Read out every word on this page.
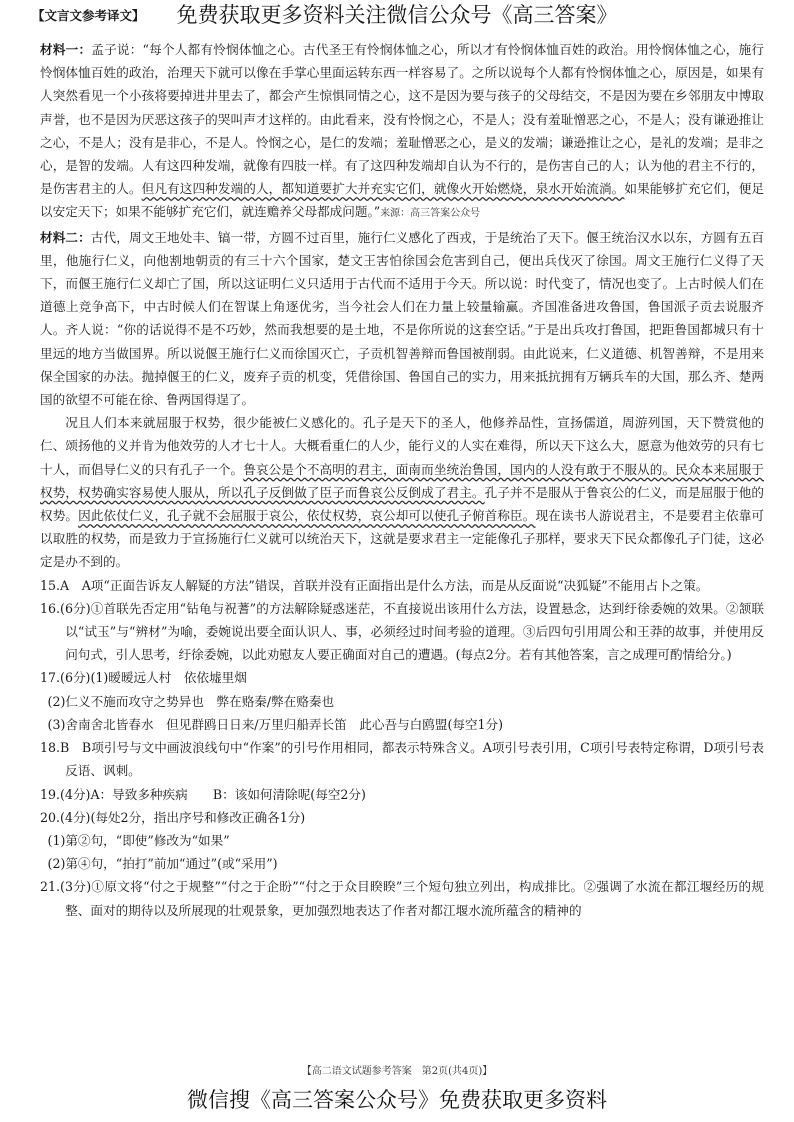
免费获取更多资料关注微信公众号《高三答案》
【文言文参考译文】

材料一：孟子说：“每个人都有怜悯体恤之心。古代圣王有怜悯体恤之心，所以才有怜悯体恤百姓的政治。用怜悯体恤之心，施行怜悯体恤百姓的政治，治理天下就可以像在手掌心里面运转东西一样容易了。之所以说每个人都有怜悯体恤之心，原因是，如果有人突然看见一个小孩将要掉进井里去了，都会产生惊惧同情之心，这不是因为要与孩子的父母结交，不是因为要在乡邻朋友中博取声誉，也不是因为厌恶这孩子的哭叫声才这样的。由此看来，没有怜悯之心，不是人；没有羞耻憎恶之心，不是人；没有谦逊推让之心，不是人；没有是非心，不是人。怜悯之心，是仁的发端；羞耻憎恶之心，是义的发端；谦逊推让之心，是礼的发端；是非之心，是智的发端。人有这四种发端，就像有四肢一样。有了这四种发端却自认为不行的，是伤害自己的人；认为他的君主不行的，是伤害君主的人。但凡有这四种发端的人，都知道要扩大并充实它们，就像火开始燃烧，泉水开始流淌。如果能够扩充它们，便足以安定天下；如果不能够扩充它们，就连赡养父母都成问题。”来源：高三答案公众号

材料二：古代，周文王地处丰、镐一带，方圆不过百里，施行仁义感化了西戎，于是统治了天下。偃王统治汉水以东，方圆有五百里，他施行仁义，向他割地朝贡的有三十六个国家，楚文王害怕徐国会危害到自己，便出兵伐灭了徐国。周文王施行仁义得了天下，而偃王施行仁义却亡了国，所以这证明仁义只适用于古代而不适用于今天。所以说：时代变了，情况也变了。上古时候人们在道德上竞争高下，中古时候人们在智谋上角逐优劣，当今社会人们在力量上较量输赢。齐国准备进攻鲁国，鲁国派子贡去说服齐人。齐人说：“你的话说得不是不巧妙，然而我想要的是土地，不是你所说的这套空话。”于是出兵攻打鲁国，把距鲁国都城只有十里远的地方当做国界。所以说偃王施行仁义而徐国灭亡，子贡机智善辩而鲁国被削弱。由此说来，仁义道德、机智善辩，不是用来保全国家的办法。抛掉偃王的仁义，废弃子贡的机变，凭借徐国、鲁国自己的实力，用来抵抗拥有万辆兵车的大国，那么齐、楚两国的欲望不可能在徐、鲁两国得逞了。

况且人们本来就屈服于权势，很少能被仁义感化的。孔子是天下的圣人，他修养品性，宣扬儒道，周游列国，天下赞赏他的仁、颂扬他的义并肯为他效劳的人才七十人。大概看重仁的人少，能行义的人实在难得，所以天下这么大，愿意为他效劳的只有七十人，而倡导仁义的只有孔子一个。鲁哀公是个不高明的君主，面南而坐统治鲁国，国内的人没有敢于不服从的。民众本来屈服于权势，权势确实容易使人服从，所以孔子反倒做了臣子而鲁哀公反倒成了君主。孔子并不是服从于鲁哀公的仁义，而是屈服于他的权势。因此依仗仁义，孔子就不会屈服于哀公，依仗权势，哀公却可以使孔子俯首称臣。现在读书人游说君主，不是要君主依靠可以取胜的权势，而是致力于宣扬施行仁义就可以统治天下，这就是要求君主一定能像孔子那样，要求天下民众都像孔子门徒，这必定是办不到的。

15.A　A项“正面告诉友人解疑的方法”错误，首联并没有正面指出是什么方法，而是从反面说“决狐疑”不能用占卜之策。

16.(6分)①首联先否定用“钻龟与祝蓍”的方法解除疑惑迷茫，不直接说出该用什么方法，设置悬念，达到纡徐委婉的效果。②颔联以“试玉”与“辨材”为喻，委婉说出要全面认识人、事，必须经过时间考验的道理。③后四句引用周公和王莽的故事，并使用反问句式，引人思考，纡徐委婉，以此劝慰友人要正确面对自己的遭遇。(每点2分。若有其他答案，言之成理可酌情给分。)

17.(6分)(1)暧暧远人村　依依墟里烟

(2)仁义不施而攻守之势异也　弊在赂秦/弊在赂秦也

(3)舍南舍北皆春水　但见群鸥日日来/万里归船弄长笛　此心吾与白鸥盟(每空1分)

18.B　B项引号与文中画波浪线句中“作案”的引号作用相同，都表示特殊含义。A项引号表引用，C项引号表特定称谓，D项引号表反语、讽刺。

19.(4分)A：导致多种疾病　　B：该如何清除呢(每空2分)

20.(4分)(每处2分，指出序号和修改正确各1分)

(1)第②句，“即使”修改为“如果”

(2)第④句，“拍打”前加“通过”(或“采用”)

21.(3分)①原文将“付之于规整”“付之于企盼”“付之于众目睽睽”三个短句独立列出，构成排比。②强调了水流在都江堰经历的规整、面对的期待以及所展现的壮观景象，更加强烈地表达了作者对都江堰水流所蕴含的精神的

【高二语文试题参考答案　第2页(共4页)】
微信搜《高三答案公众号》免费获取更多资料
